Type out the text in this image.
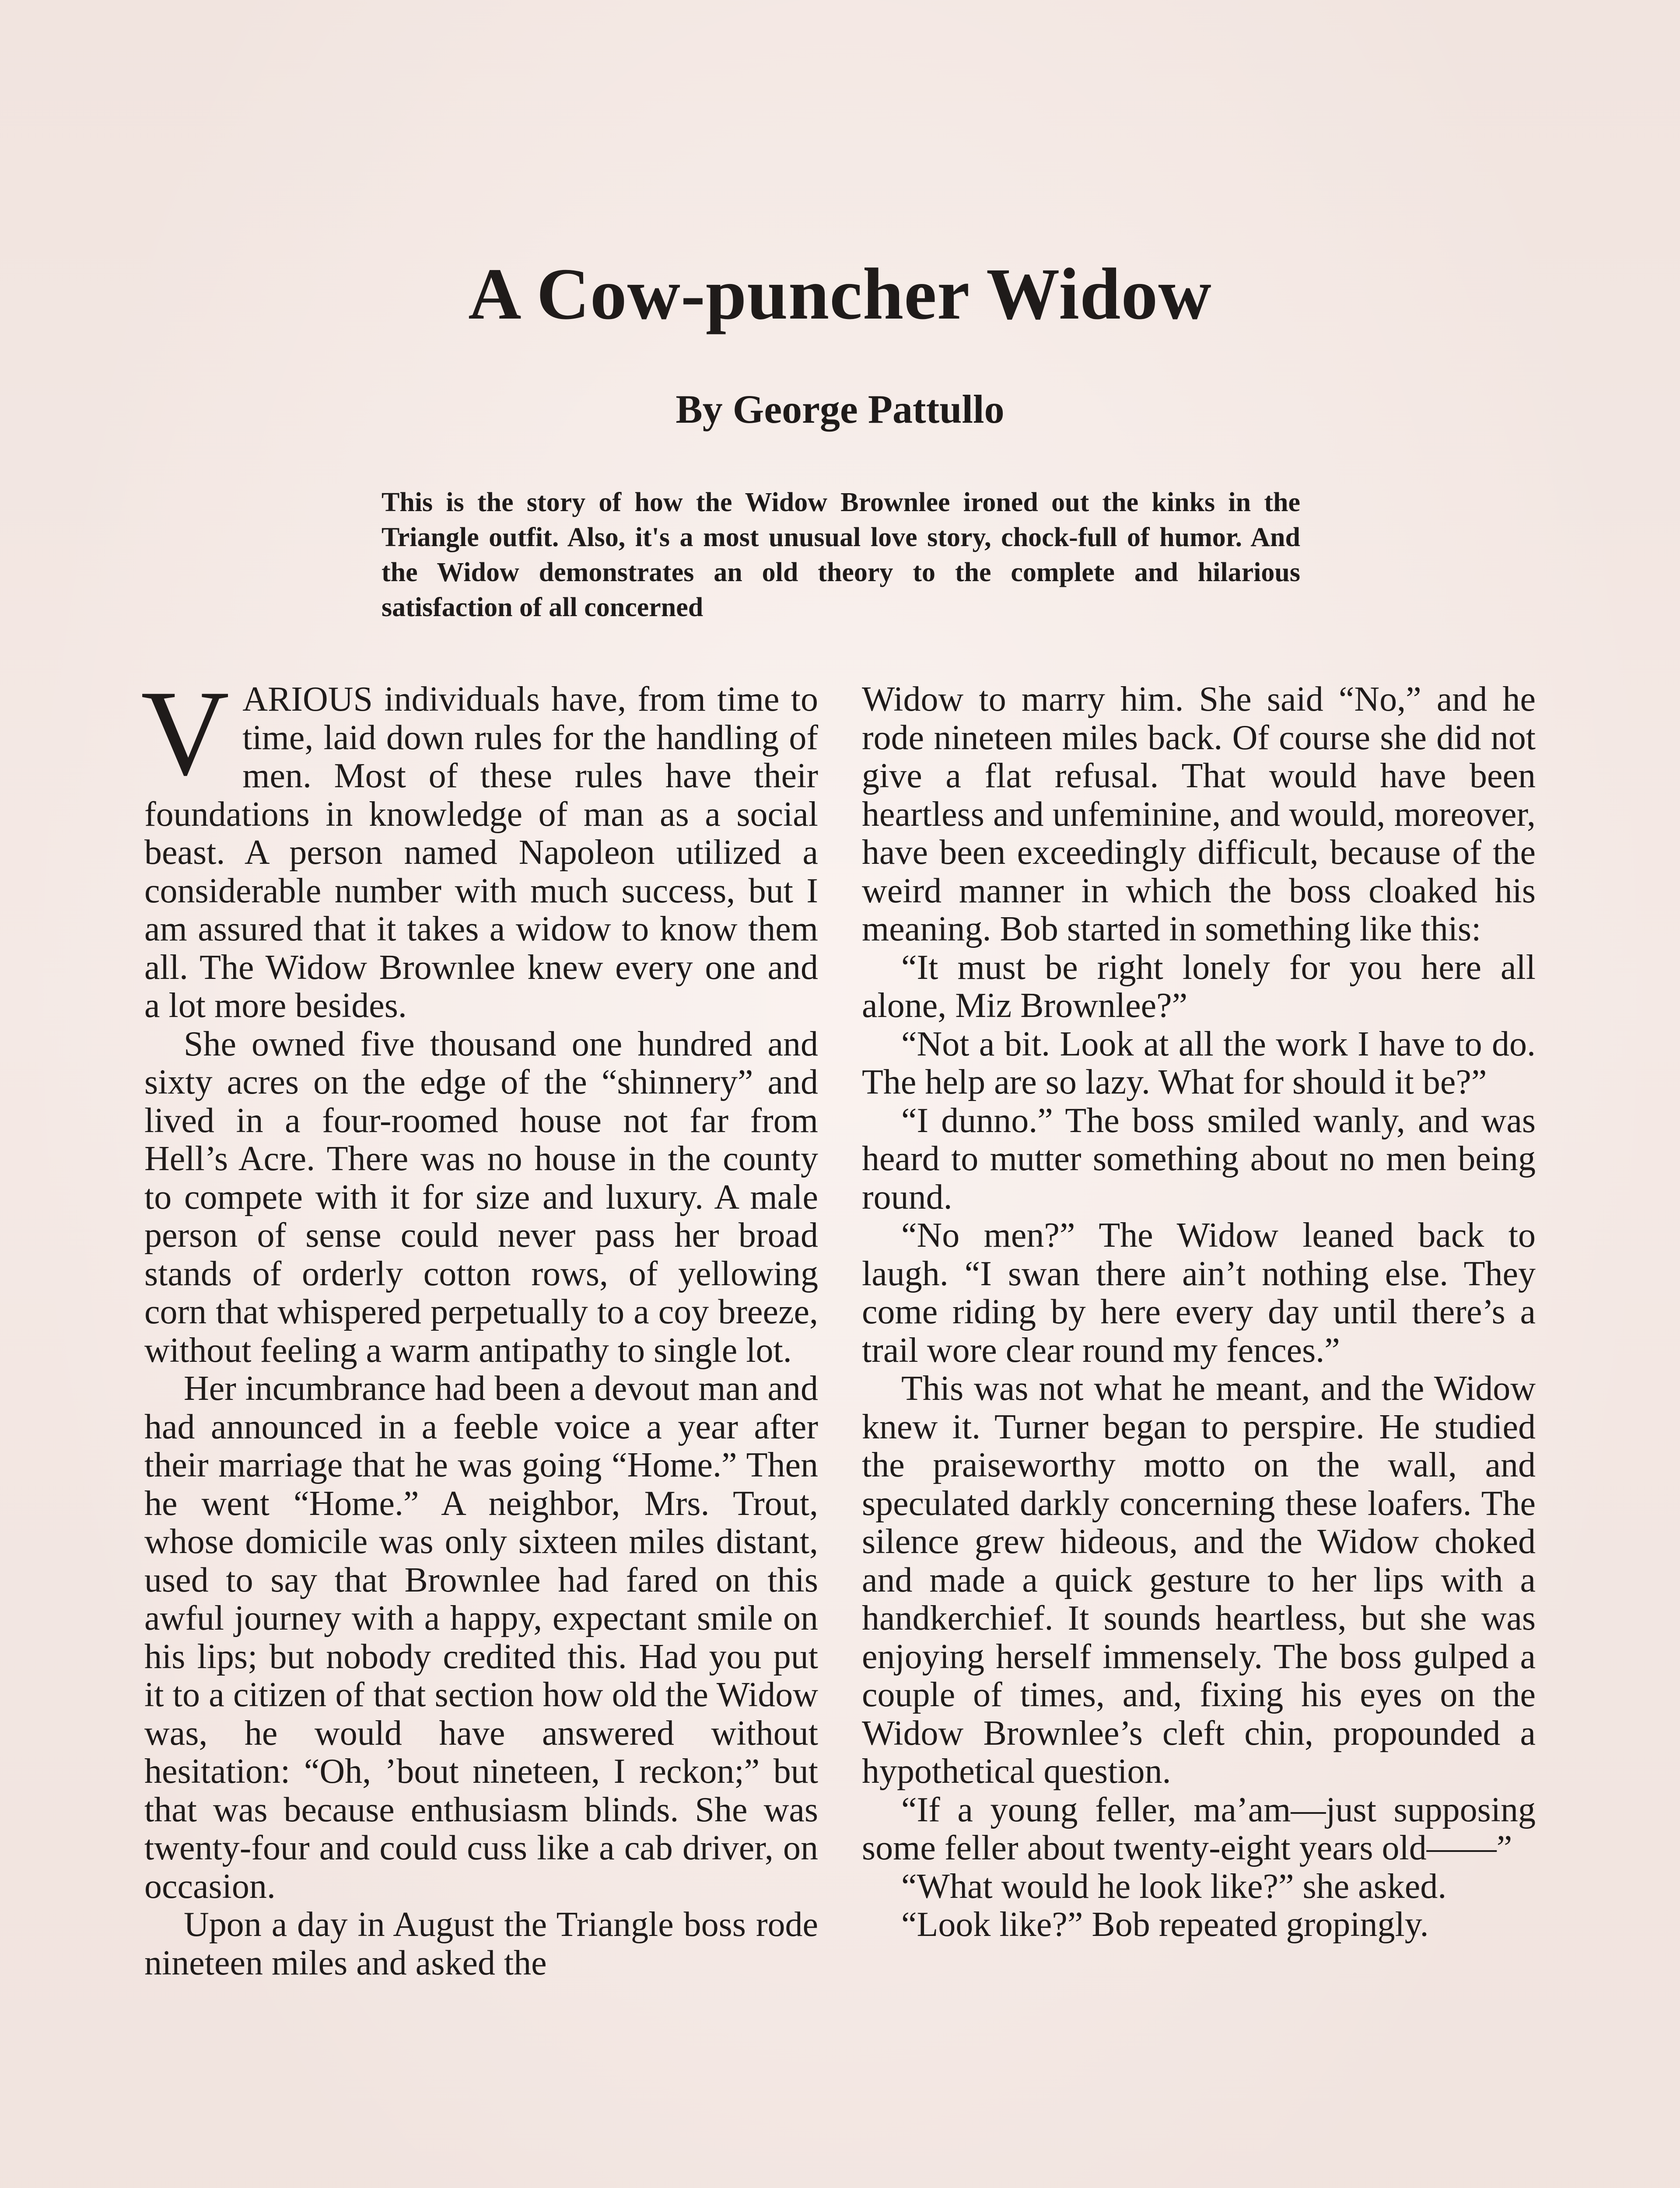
A Cow-puncher Widow
By George Pattullo

This is the story of how the Widow Brownlee ironed out the kinks in the Triangle outfit. Also, it's a most unusual love story, chock-full of humor. And the Widow demonstrates an old theory to the complete and hilarious satisfaction of all concerned

VARIOUS individuals have, from time to time, laid down rules for the handling of men. Most of these rules have their foundations in knowledge of man as a social beast. A person named Napoleon utilized a considerable number with much success, but I am assured that it takes a widow to know them all. The Widow Brownlee knew every one and a lot more besides.

She owned five thousand one hundred and sixty acres on the edge of the “shinnery” and lived in a four-roomed house not far from Hell’s Acre. There was no house in the county to compete with it for size and luxury. A male person of sense could never pass her broad stands of orderly cotton rows, of yellowing corn that whispered perpetually to a coy breeze, without feeling a warm antipathy to single lot.

Her incumbrance had been a devout man and had announced in a feeble voice a year after their marriage that he was going “Home.” Then he went “Home.” A neighbor, Mrs. Trout, whose domicile was only sixteen miles distant, used to say that Brownlee had fared on this awful journey with a happy, expectant smile on his lips; but nobody credited this. Had you put it to a citizen of that section how old the Widow was, he would have answered without hesitation: “Oh, ’bout nineteen, I reckon;” but that was because enthusiasm blinds. She was twenty-four and could cuss like a cab driver, on occasion.

Upon a day in August the Triangle boss rode nineteen miles and asked the

Widow to marry him. She said “No,” and he rode nineteen miles back. Of course she did not give a flat refusal. That would have been heartless and unfeminine, and would, moreover, have been exceedingly difficult, because of the weird manner in which the boss cloaked his meaning. Bob started in something like this:

“It must be right lonely for you here all alone, Miz Brownlee?”

“Not a bit. Look at all the work I have to do. The help are so lazy. What for should it be?”

“I dunno.” The boss smiled wanly, and was heard to mutter something about no men being round.

“No men?” The Widow leaned back to laugh. “I swan there ain’t nothing else. They come riding by here every day until there’s a trail wore clear round my fences.”

This was not what he meant, and the Widow knew it. Turner began to perspire. He studied the praiseworthy motto on the wall, and speculated darkly concerning these loafers. The silence grew hideous, and the Widow choked and made a quick gesture to her lips with a handkerchief. It sounds heartless, but she was enjoying herself immensely. The boss gulped a couple of times, and, fixing his eyes on the Widow Brownlee’s cleft chin, propounded a hypothetical question.

“If a young feller, ma’am—just supposing some feller about twenty-eight years old——”

“What would he look like?” she asked.

“Look like?” Bob repeated gropingly.
